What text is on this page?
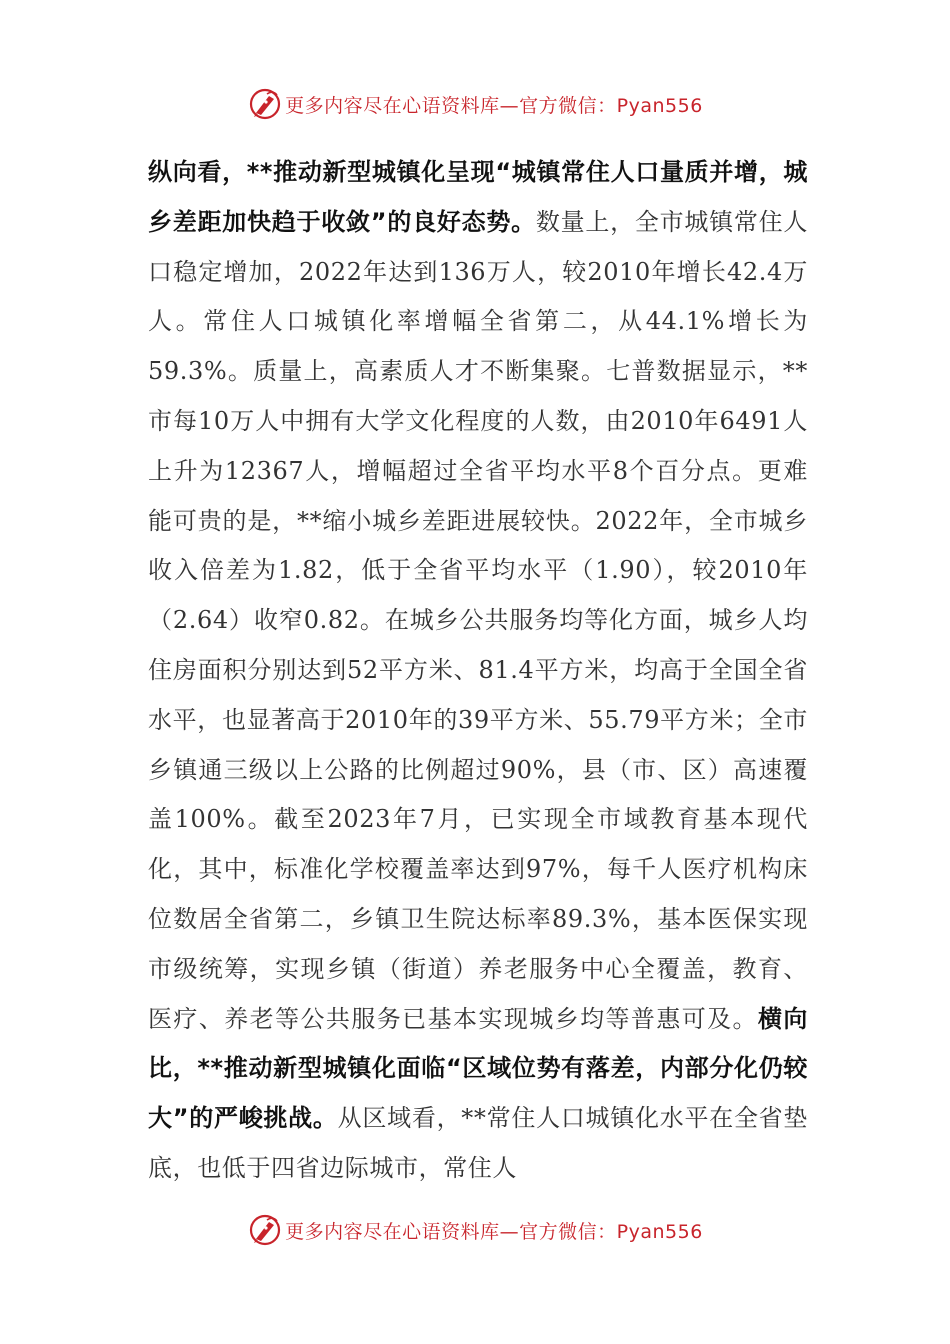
更多内容尽在心语资料库—官方微信：Pyan556

纵向看，**推动新型城镇化呈现“城镇常住人口量质并增，城乡差距加快趋于收敛”的良好态势。数量上，全市城镇常住人口稳定增加，2022年达到136万人，较2010年增长42.4万人。常住人口城镇化率增幅全省第二，从44.1%增长为59.3%。质量上，高素质人才不断集聚。七普数据显示，**市每10万人中拥有大学文化程度的人数，由2010年6491人上升为12367人，增幅超过全省平均水平8个百分点。更难能可贵的是，**缩小城乡差距进展较快。2022年，全市城乡收入倍差为1.82，低于全省平均水平（1.90），较2010年（2.64）收窄0.82。在城乡公共服务均等化方面，城乡人均住房面积分别达到52平方米、81.4平方米，均高于全国全省水平，也显著高于2010年的39平方米、55.79平方米；全市乡镇通三级以上公路的比例超过90%，县（市、区）高速覆盖100%。截至2023年7月，已实现全市域教育基本现代化，其中，标准化学校覆盖率达到97%，每千人医疗机构床位数居全省第二，乡镇卫生院达标率89.3%，基本医保实现市级统筹，实现乡镇（街道）养老服务中心全覆盖，教育、医疗、养老等公共服务已基本实现城乡均等普惠可及。横向比，**推动新型城镇化面临“区域位势有落差，内部分化仍较大”的严峻挑战。从区域看，**常住人口城镇化水平在全省垫底，也低于四省边际城市，常住人

更多内容尽在心语资料库—官方微信：Pyan556
